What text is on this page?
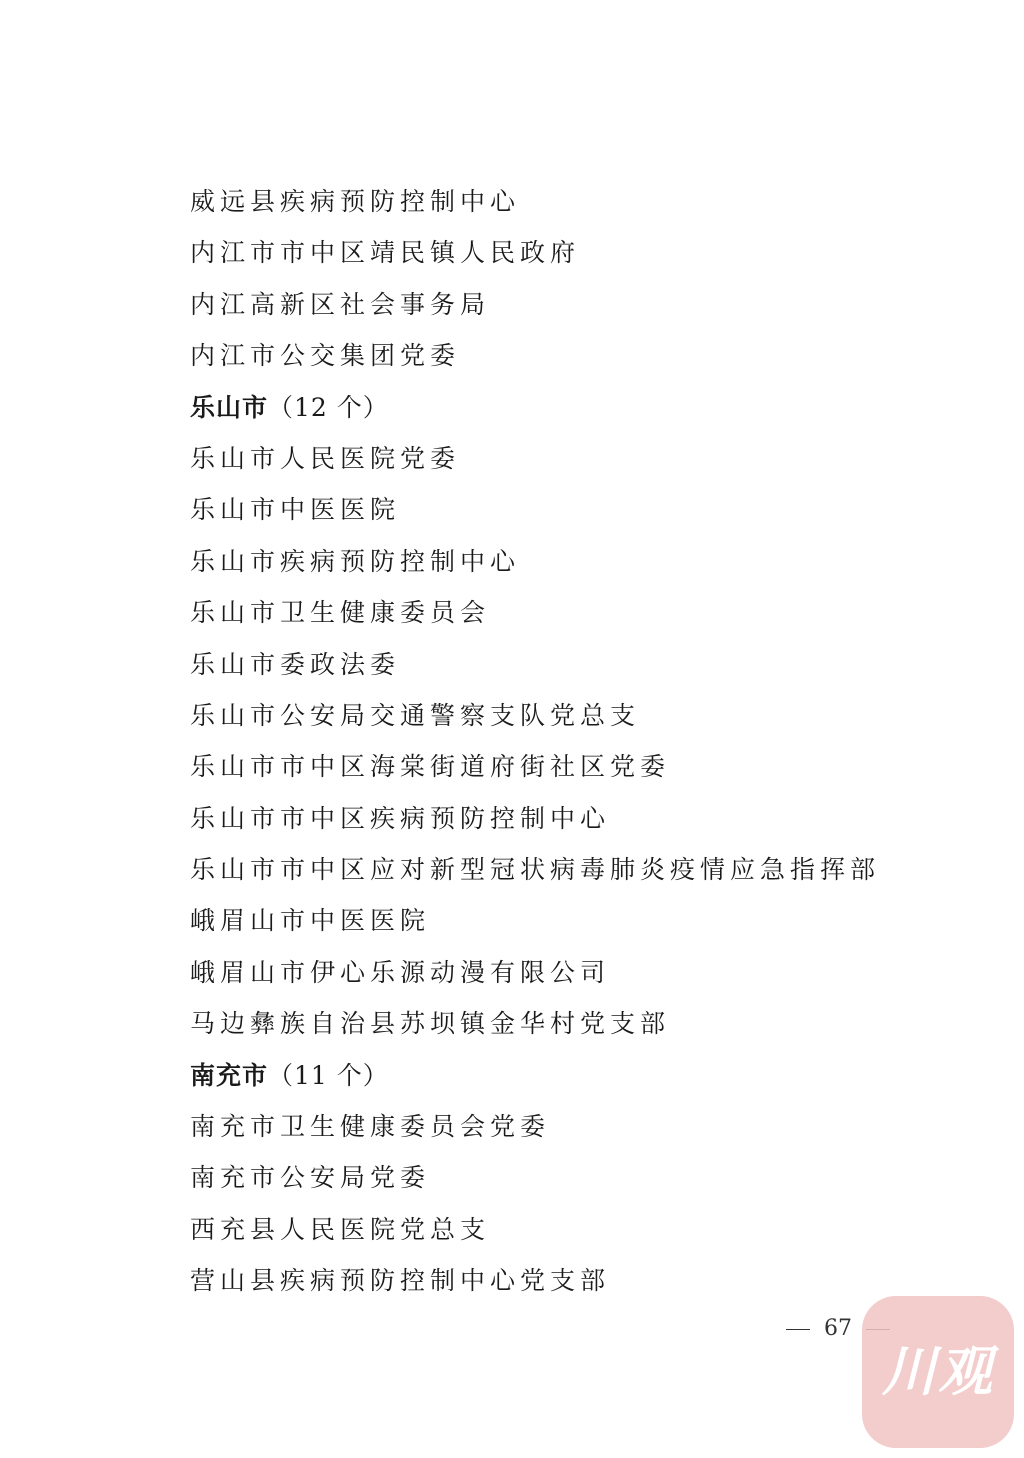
威远县疾病预防控制中心
内江市市中区靖民镇人民政府
内江高新区社会事务局
内江市公交集团党委
乐山市（12 个）
乐山市人民医院党委
乐山市中医医院
乐山市疾病预防控制中心
乐山市卫生健康委员会
乐山市委政法委
乐山市公安局交通警察支队党总支
乐山市市中区海棠街道府街社区党委
乐山市市中区疾病预防控制中心
乐山市市中区应对新型冠状病毒肺炎疫情应急指挥部
峨眉山市中医医院
峨眉山市伊心乐源动漫有限公司
马边彝族自治县苏坝镇金华村党支部
南充市（11 个）
南充市卫生健康委员会党委
南充市公安局党委
西充县人民医院党总支
营山县疾病预防控制中心党支部
67
川观
